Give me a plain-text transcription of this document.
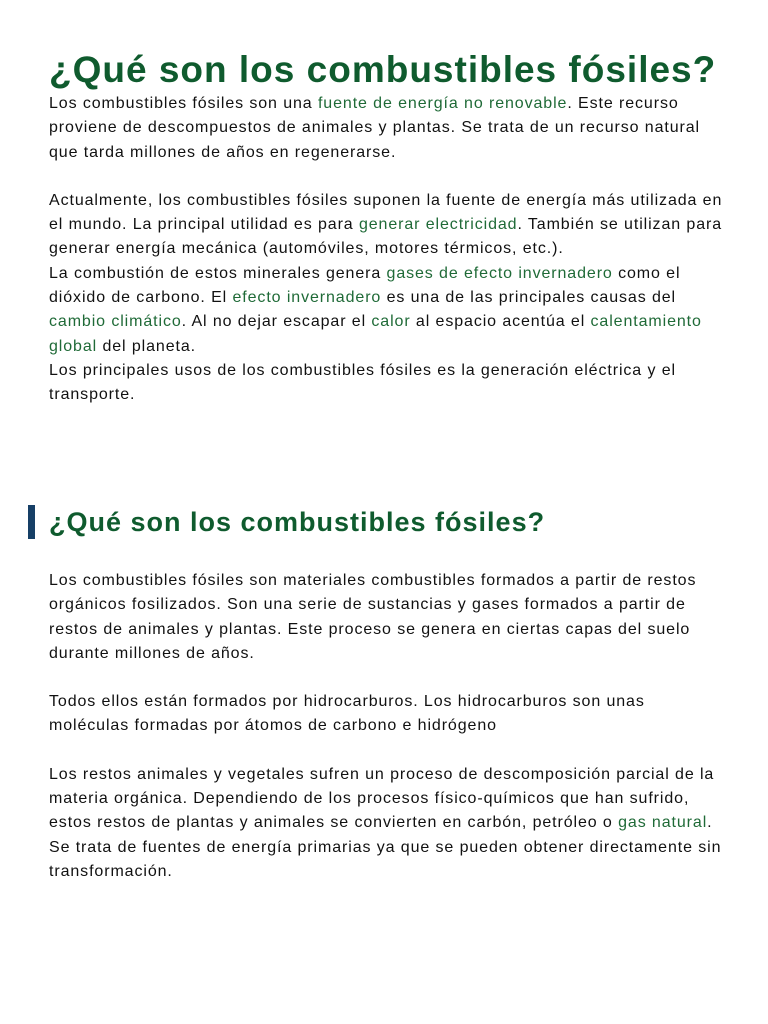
¿Qué son los combustibles fósiles?

Los combustibles fósiles son una fuente de energía no renovable. Este recurso proviene de descompuestos de animales y plantas. Se trata de un recurso natural que tarda millones de años en regenerarse.

Actualmente, los combustibles fósiles suponen la fuente de energía más utilizada en el mundo. La principal utilidad es para generar electricidad. También se utilizan para generar energía mecánica (automóviles, motores térmicos, etc.).

La combustión de estos minerales genera gases de efecto invernadero como el dióxido de carbono. El efecto invernadero es una de las principales causas del cambio climático. Al no dejar escapar el calor al espacio acentúa el calentamiento global del planeta.

Los principales usos de los combustibles fósiles es la generación eléctrica y el transporte.

¿Qué son los combustibles fósiles?

Los combustibles fósiles son materiales combustibles formados a partir de restos orgánicos fosilizados. Son una serie de sustancias y gases formados a partir de restos de animales y plantas. Este proceso se genera en ciertas capas del suelo durante millones de años.

Todos ellos están formados por hidrocarburos. Los hidrocarburos son unas moléculas formadas por átomos de carbono e hidrógeno

Los restos animales y vegetales sufren un proceso de descomposición parcial de la materia orgánica. Dependiendo de los procesos físico-químicos que han sufrido, estos restos de plantas y animales se convierten en carbón, petróleo o gas natural.

Se trata de fuentes de energía primarias ya que se pueden obtener directamente sin transformación.
